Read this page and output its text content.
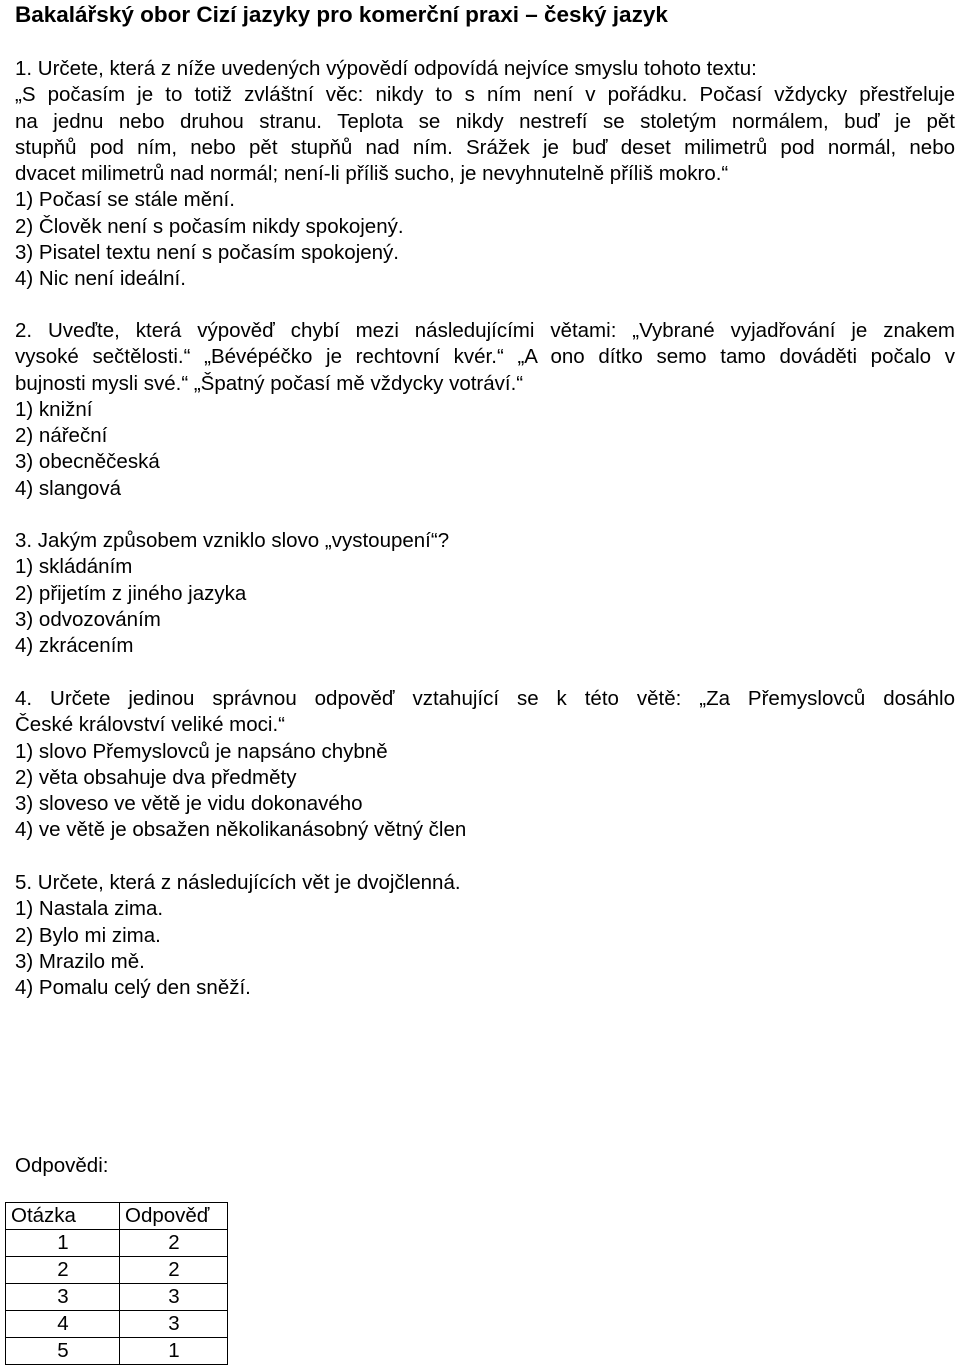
Bakalářský obor Cizí jazyky pro komerční praxi – český jazyk
1. Určete, která z níže uvedených výpovědí odpovídá nejvíce smyslu tohoto textu:
„S počasím je to totiž zvláštní věc: nikdy to s ním není v pořádku. Počasí vždycky přestřeluje
na jednu nebo druhou stranu. Teplota se nikdy nestrefí se stoletým normálem, buď je pět
stupňů pod ním, nebo pět stupňů nad ním. Srážek je buď deset milimetrů pod normál, nebo
dvacet milimetrů nad normál; není-li příliš sucho, je nevyhnutelně příliš mokro.“
1) Počasí se stále mění.
2) Člověk není s počasím nikdy spokojený.
3) Pisatel textu není s počasím spokojený.
4) Nic není ideální.
2. Uveďte, která výpověď chybí mezi následujícími větami: „Vybrané vyjadřování je znakem
vysoké sečtělosti.“ „Bévépéčko je rechtovní kvér.“ „A ono dítko semo tamo dováděti počalo v
bujnosti mysli své.“ „Špatný počasí mě vždycky votráví.“
1) knižní
2) nářeční
3) obecněčeská
4) slangová
3. Jakým způsobem vzniklo slovo „vystoupení“?
1) skládáním
2) přijetím z jiného jazyka
3) odvozováním
4) zkrácením
4. Určete jedinou správnou odpověď vztahující se k této větě: „Za Přemyslovců dosáhlo
České království veliké moci.“
1) slovo Přemyslovců je napsáno chybně
2) věta obsahuje dva předměty
3) sloveso ve větě je vidu dokonavého
4) ve větě je obsažen několikanásobný větný člen
5. Určete, která z následujících vět je dvojčlenná.
1) Nastala zima.
2) Bylo mi zima.
3) Mrazilo mě.
4) Pomalu celý den sněží.
Odpovědi:
Otázka	Odpověď
1	2
2	2
3	3
4	3
5	1
